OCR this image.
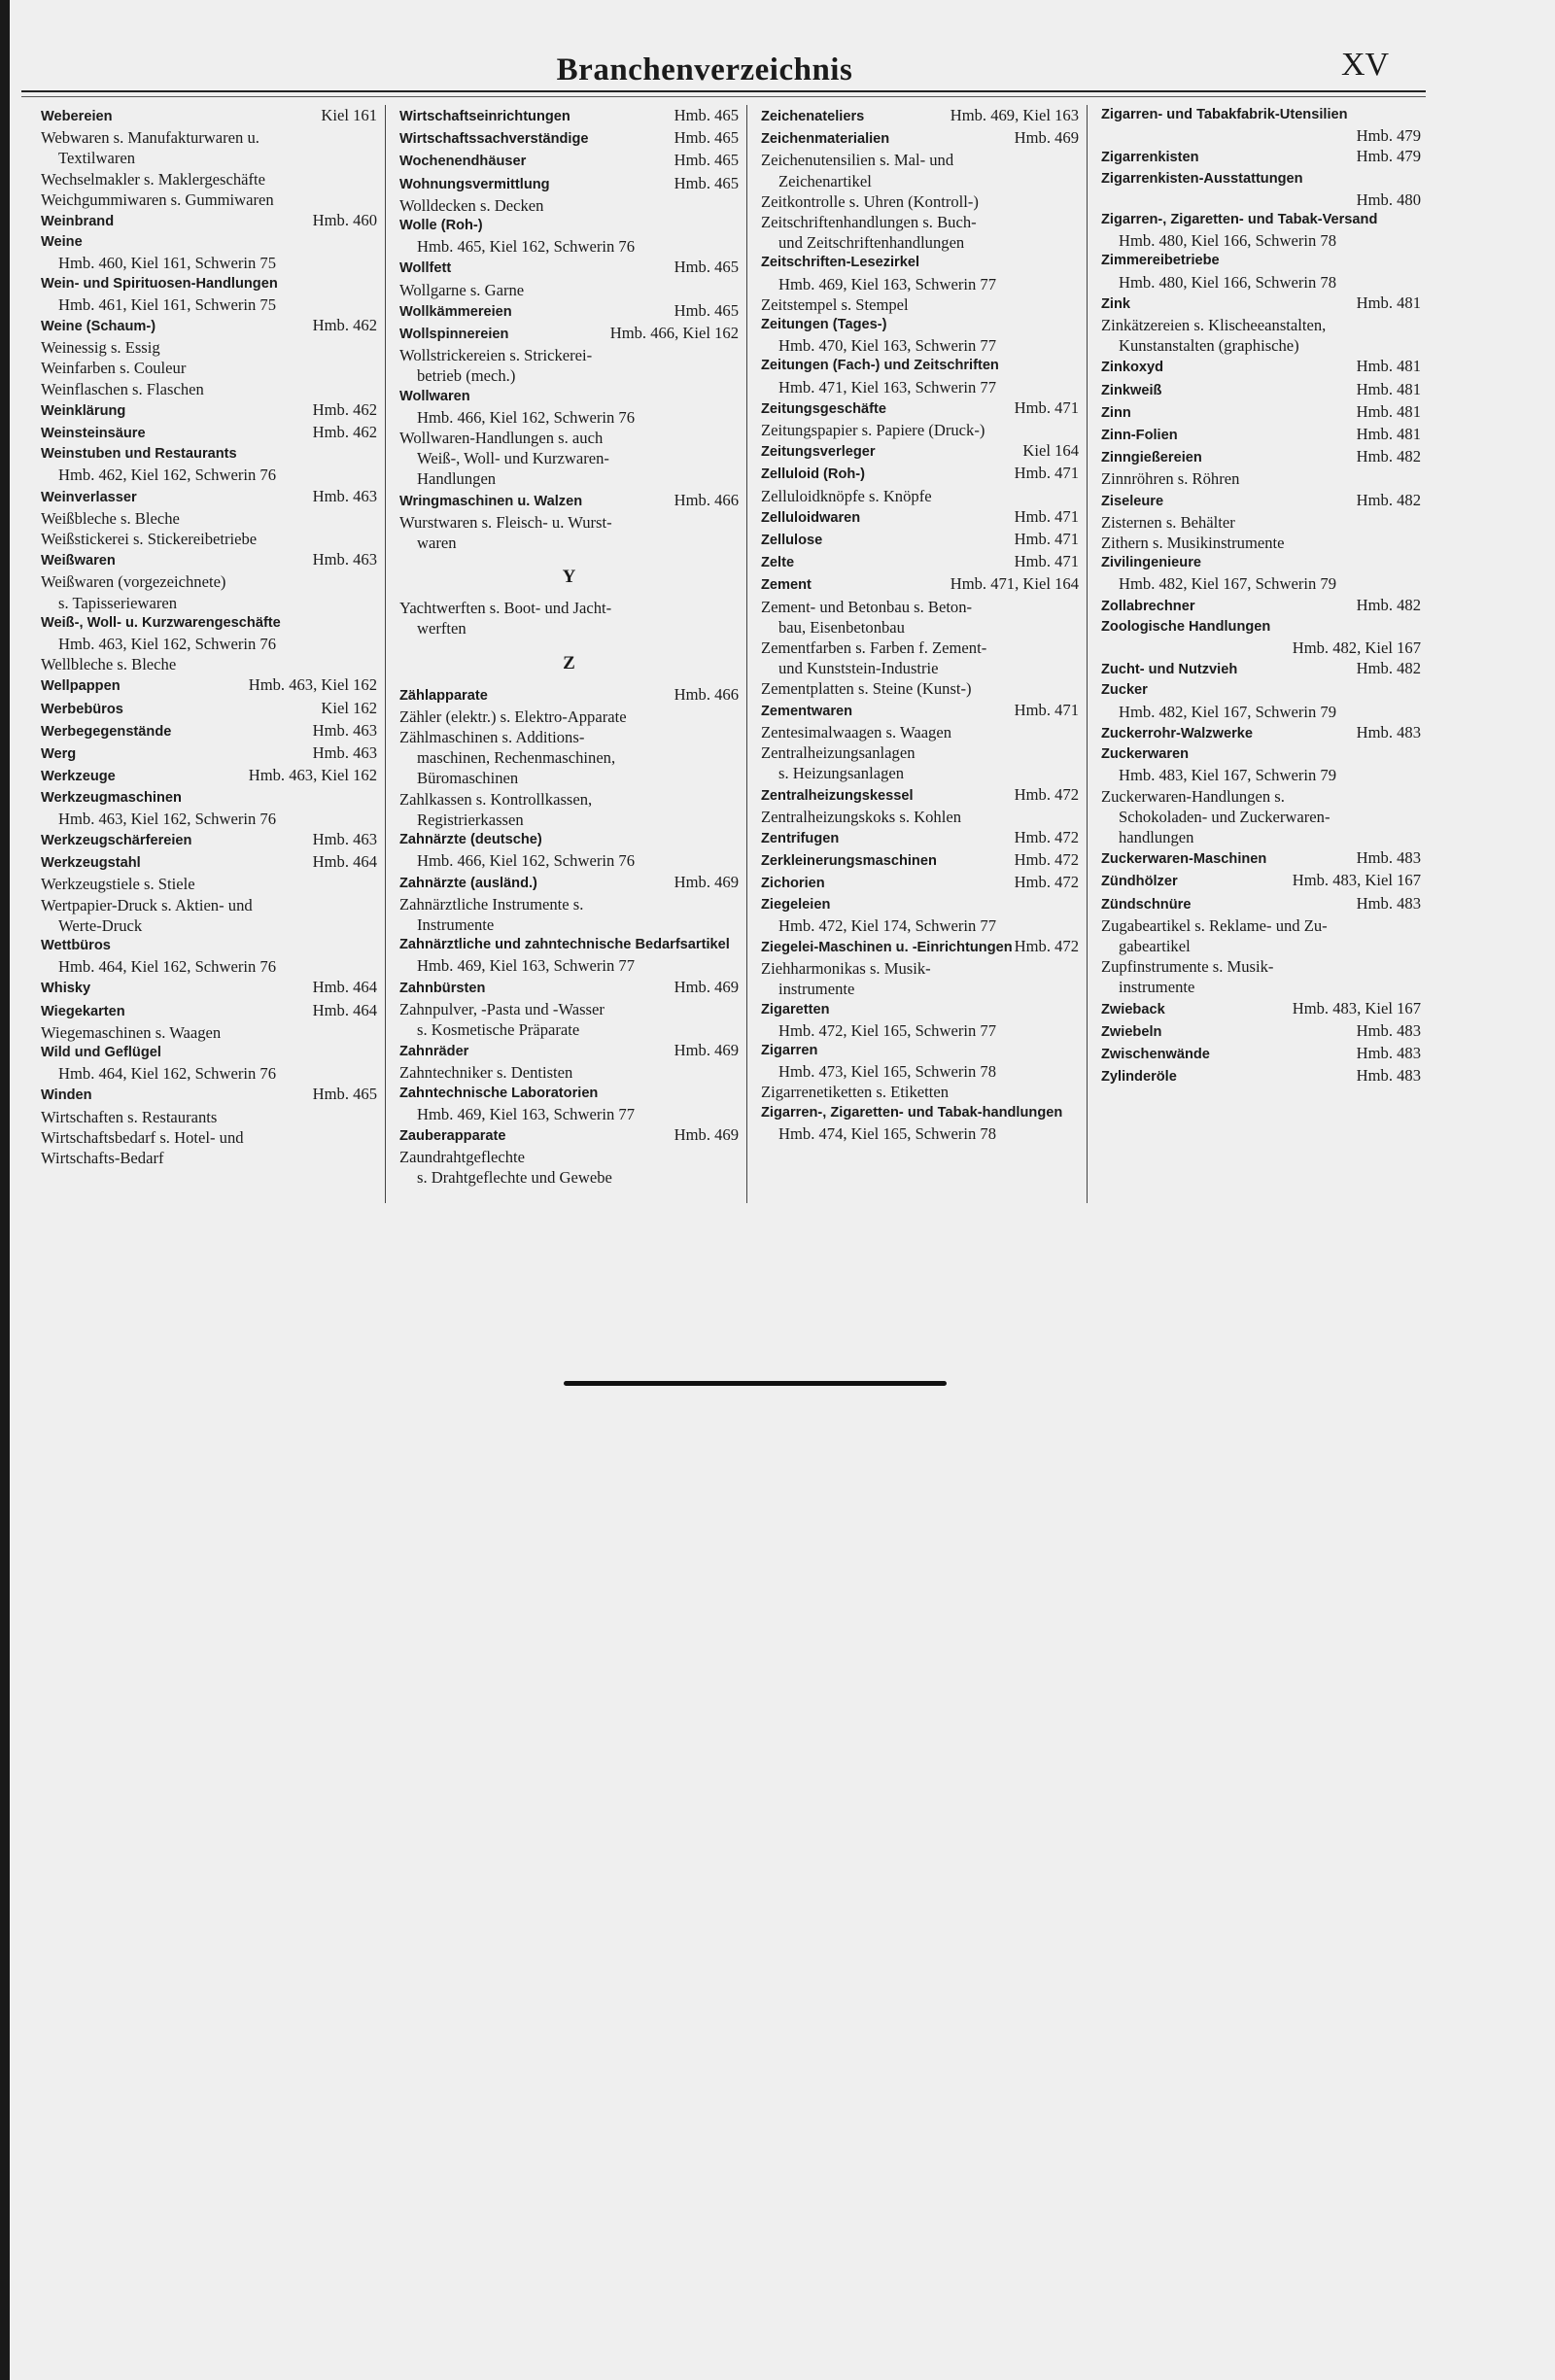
Branchenverzeichnis	XV
Webereien	Kiel 161
Webwaren s. Manufakturwaren u.
Textilwaren
Wechselmakler s. Maklergeschäfte
Weichgummiwaren s. Gummiwaren
Weinbrand	Hmb. 460
Weine
Hmb. 460, Kiel 161, Schwerin 75
Wein- und Spirituosen-Handlungen
Hmb. 461, Kiel 161, Schwerin 75
Weine (Schaum-)	Hmb. 462
Weinessig s. Essig
Weinfarben s. Couleur
Weinflaschen s. Flaschen
Weinklärung	Hmb. 462
Weinsteinsäure	Hmb. 462
Weinstuben und Restaurants
Hmb. 462, Kiel 162, Schwerin 76
Weinverlasser	Hmb. 463
Weißbleche s. Bleche
Weißstickerei s. Stickereibetriebe
Weißwaren	Hmb. 463
Weißwaren (vorgezeichnete)
s. Tapisseriewaren
Weiß-, Woll- u. Kurzwarengeschäfte
Hmb. 463, Kiel 162, Schwerin 76
Wellbleche s. Bleche
Wellpappen	Hmb. 463, Kiel 162
Werbebüros	Kiel 162
Werbegegenstände	Hmb. 463
Werg	Hmb. 463
Werkzeuge	Hmb. 463, Kiel 162
Werkzeugmaschinen
Hmb. 463, Kiel 162, Schwerin 76
Werkzeugschärfereien	Hmb. 463
Werkzeugstahl	Hmb. 464
Werkzeugstiele s. Stiele
Wertpapier-Druck s. Aktien- und
Werte-Druck
Wettbüros
Hmb. 464, Kiel 162, Schwerin 76
Whisky	Hmb. 464
Wiegekarten	Hmb. 464
Wiegemaschinen s. Waagen
Wild und Geflügel
Hmb. 464, Kiel 162, Schwerin 76
Winden	Hmb. 465
Wirtschaften s. Restaurants
Wirtschaftsbedarf s. Hotel- und
Wirtschafts-Bedarf
Wirtschaftseinrichtungen	Hmb. 465
Wirtschaftssachverständige	Hmb. 465
Wochenendhäuser	Hmb. 465
Wohnungsvermittlung	Hmb. 465
Wolldecken s. Decken
Wolle (Roh-)
Hmb. 465, Kiel 162, Schwerin 76
Wollfett	Hmb. 465
Wollgarne s. Garne
Wollkämmereien	Hmb. 465
Wollspinnereien	Hmb. 466, Kiel 162
Wollstrickereien s. Strickerei-
betrieb (mech.)
Wollwaren
Hmb. 466, Kiel 162, Schwerin 76
Wollwaren-Handlungen s. auch
Weiß-, Woll- und Kurzwaren-
Handlungen
Wringmaschinen u. Walzen	Hmb. 466
Wurstwaren s. Fleisch- u. Wurst-
waren
Y
Yachtwerften s. Boot- und Jacht-
werften
Z
Zählapparate	Hmb. 466
Zähler (elektr.) s. Elektro-Apparate
Zählmaschinen s. Additions-
maschinen, Rechenmaschinen,
Büromaschinen
Zahlkassen s. Kontrollkassen,
Registrierkassen
Zahnärzte (deutsche)
Hmb. 466, Kiel 162, Schwerin 76
Zahnärzte (ausländ.)	Hmb. 469
Zahnärztliche Instrumente s.
Instrumente
Zahnärztliche und zahntechnische Bedarfsartikel
Hmb. 469, Kiel 163, Schwerin 77
Zahnbürsten	Hmb. 469
Zahnpulver, -Pasta und -Wasser
s. Kosmetische Präparate
Zahnräder	Hmb. 469
Zahntechniker s. Dentisten
Zahntechnische Laboratorien
Hmb. 469, Kiel 163, Schwerin 77
Zauberapparate	Hmb. 469
Zaundrahtgeflechte
s. Drahtgeflechte und Gewebe
Zeichenateliers	Hmb. 469, Kiel 163
Zeichenmaterialien	Hmb. 469
Zeichenutensilien s. Mal- und
Zeichenartikel
Zeitkontrolle s. Uhren (Kontroll-)
Zeitschriftenhandlungen s. Buch-
und Zeitschriftenhandlungen
Zeitschriften-Lesezirkel
Hmb. 469, Kiel 163, Schwerin 77
Zeitstempel s. Stempel
Zeitungen (Tages-)
Hmb. 470, Kiel 163, Schwerin 77
Zeitungen (Fach-) und Zeitschriften
Hmb. 471, Kiel 163, Schwerin 77
Zeitungsgeschäfte	Hmb. 471
Zeitungspapier s. Papiere (Druck-)
Zeitungsverleger	Kiel 164
Zelluloid (Roh-)	Hmb. 471
Zelluloidknöpfe s. Knöpfe
Zelluloidwaren	Hmb. 471
Zellulose	Hmb. 471
Zelte	Hmb. 471
Zement	Hmb. 471, Kiel 164
Zement- und Betonbau s. Beton-
bau, Eisenbetonbau
Zementfarben s. Farben f. Zement-
und Kunststein-Industrie
Zementplatten s. Steine (Kunst-)
Zementwaren	Hmb. 471
Zentesimalwaagen s. Waagen
Zentralheizungsanlagen
s. Heizungsanlagen
Zentralheizungskessel	Hmb. 472
Zentralheizungskoks s. Kohlen
Zentrifugen	Hmb. 472
Zerkleinerungsmaschinen	Hmb. 472
Zichorien	Hmb. 472
Ziegeleien
Hmb. 472, Kiel 174, Schwerin 77
Ziegelei-Maschinen u. -Einrichtungen Hmb. 472
Ziehharmonikas s. Musik-
instrumente
Zigaretten
Hmb. 472, Kiel 165, Schwerin 77
Zigarren
Hmb. 473, Kiel 165, Schwerin 78
Zigarrenetiketten s. Etiketten
Zigarren-, Zigaretten- und Tabak-handlungen
Hmb. 474, Kiel 165, Schwerin 78
Zigarren- und Tabakfabrik-Utensilien
Hmb. 479
Zigarrenkisten	Hmb. 479
Zigarrenkisten-Ausstattungen
Hmb. 480
Zigarren-, Zigaretten- und Tabak-Versand
Hmb. 480, Kiel 166, Schwerin 78
Zimmereibetriebe
Hmb. 480, Kiel 166, Schwerin 78
Zink	Hmb. 481
Zinkätzereien s. Klischeeanstalten,
Kunstanstalten (graphische)
Zinkoxyd	Hmb. 481
Zinkweiß	Hmb. 481
Zinn	Hmb. 481
Zinn-Folien	Hmb. 481
Zinngießereien	Hmb. 482
Zinnröhren s. Röhren
Ziseleure	Hmb. 482
Zisternen s. Behälter
Zithern s. Musikinstrumente
Zivilingenieure
Hmb. 482, Kiel 167, Schwerin 79
Zollabrechner	Hmb. 482
Zoologische Handlungen
Hmb. 482, Kiel 167
Zucht- und Nutzvieh	Hmb. 482
Zucker
Hmb. 482, Kiel 167, Schwerin 79
Zuckerrohr-Walzwerke	Hmb. 483
Zuckerwaren
Hmb. 483, Kiel 167, Schwerin 79
Zuckerwaren-Handlungen s.
Schokoladen- und Zuckerwaren-
handlungen
Zuckerwaren-Maschinen	Hmb. 483
Zündhölzer	Hmb. 483, Kiel 167
Zündschnüre	Hmb. 483
Zugabeartikel s. Reklame- und Zu-
gabeartikel
Zupfinstrumente s. Musik-
instrumente
Zwieback	Hmb. 483, Kiel 167
Zwiebeln	Hmb. 483
Zwischenwände	Hmb. 483
Zylinderöle	Hmb. 483
